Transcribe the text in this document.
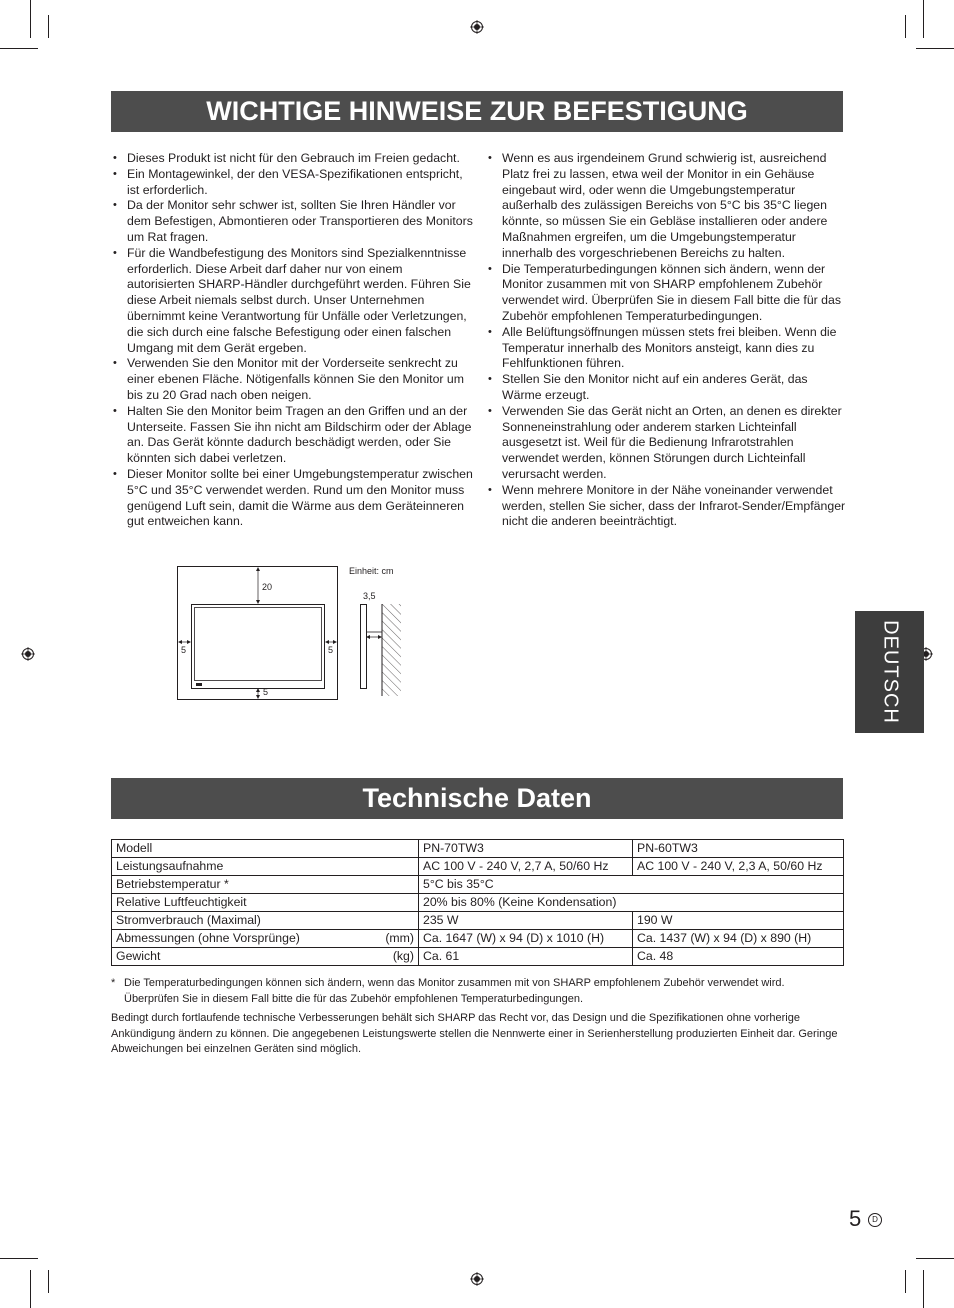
WICHTIGE HINWEISE ZUR BEFESTIGUNG
• Dieses Produkt ist nicht für den Gebrauch im Freien gedacht.
• Ein Montagewinkel, der den VESA-Spezifikationen entspricht, ist erforderlich.
• Da der Monitor sehr schwer ist, sollten Sie Ihren Händler vor dem Befestigen, Abmontieren oder Transportieren des Monitors um Rat fragen.
• Für die Wandbefestigung des Monitors sind Spezialkenntnisse erforderlich. Diese Arbeit darf daher nur von einem autorisierten SHARP-Händler durchgeführt werden. Führen Sie diese Arbeit niemals selbst durch. Unser Unternehmen übernimmt keine Verantwortung für Unfälle oder Verletzungen, die sich durch eine falsche Befestigung oder einen falschen Umgang mit dem Gerät ergeben.
• Verwenden Sie den Monitor mit der Vorderseite senkrecht zu einer ebenen Fläche. Nötigenfalls können Sie den Monitor um bis zu 20 Grad nach oben neigen.
• Halten Sie den Monitor beim Tragen an den Griffen und an der Unterseite. Fassen Sie ihn nicht am Bildschirm oder der Ablage an. Das Gerät könnte dadurch beschädigt werden, oder Sie könnten sich dabei verletzen.
• Dieser Monitor sollte bei einer Umgebungstemperatur zwischen 5°C und 35°C verwendet werden. Rund um den Monitor muss genügend Luft sein, damit die Wärme aus dem Geräteinneren gut entweichen kann.
• Wenn es aus irgendeinem Grund schwierig ist, ausreichend Platz frei zu lassen, etwa weil der Monitor in ein Gehäuse eingebaut wird, oder wenn die Umgebungstemperatur außerhalb des zulässigen Bereichs von 5°C bis 35°C liegen könnte, so müssen Sie ein Gebläse installieren oder andere Maßnahmen ergreifen, um die Umgebungstemperatur innerhalb des vorgeschriebenen Bereichs zu halten.
• Die Temperaturbedingungen können sich ändern, wenn der Monitor zusammen mit von SHARP empfohlenem Zubehör verwendet wird. Überprüfen Sie in diesem Fall bitte die für das Zubehör empfohlenen Temperaturbedingungen.
• Alle Belüftungsöffnungen müssen stets frei bleiben. Wenn die Temperatur innerhalb des Monitors ansteigt, kann dies zu Fehlfunktionen führen.
• Stellen Sie den Monitor nicht auf ein anderes Gerät, das Wärme erzeugt.
• Verwenden Sie das Gerät nicht an Orten, an denen es direkter Sonneneinstrahlung oder anderem starken Lichteinfall ausgesetzt ist. Weil für die Bedienung Infrarotstrahlen verwendet werden, können Störungen durch Lichteinfall verursacht werden.
• Wenn mehrere Monitore in der Nähe voneinander verwendet werden, stellen Sie sicher, dass der Infrarot-Sender/Empfänger nicht die anderen beeinträchtigt.
20
5	5
5
Einheit: cm
3,5
DEUTSCH
Technische Daten
Modell	PN-70TW3	PN-60TW3
Leistungsaufnahme	AC 100 V - 240 V, 2,7 A, 50/60 Hz	AC 100 V - 240 V, 2,3 A, 50/60 Hz
Betriebstemperatur *	5°C bis 35°C	
Relative Luftfeuchtigkeit	20% bis 80% (Keine Kondensation)	
Stromverbrauch (Maximal)	235 W	190 W

Abmessungen (ohne Vorsprünge) (mm)	Ca. 1647 (W) x 94 (D) x 1010 (H)	Ca. 1437 (W) x 94 (D) x 890 (H)

Gewicht (kg)	Ca. 61	Ca. 48
* Die Temperaturbedingungen können sich ändern, wenn das Monitor zusammen mit von SHARP empfohlenem Zubehör verwendet wird. Überprüfen Sie in diesem Fall bitte die für das Zubehör empfohlenen Temperaturbedingungen.
Bedingt durch fortlaufende technische Verbesserungen behält sich SHARP das Recht vor, das Design und die Spezifikationen ohne vorherige Ankündigung ändern zu können. Die angegebenen Leistungswerte stellen die Nennwerte einer in Serienherstellung produzierten Einheit dar. Geringe Abweichungen bei einzelnen Geräten sind möglich.
5	D
